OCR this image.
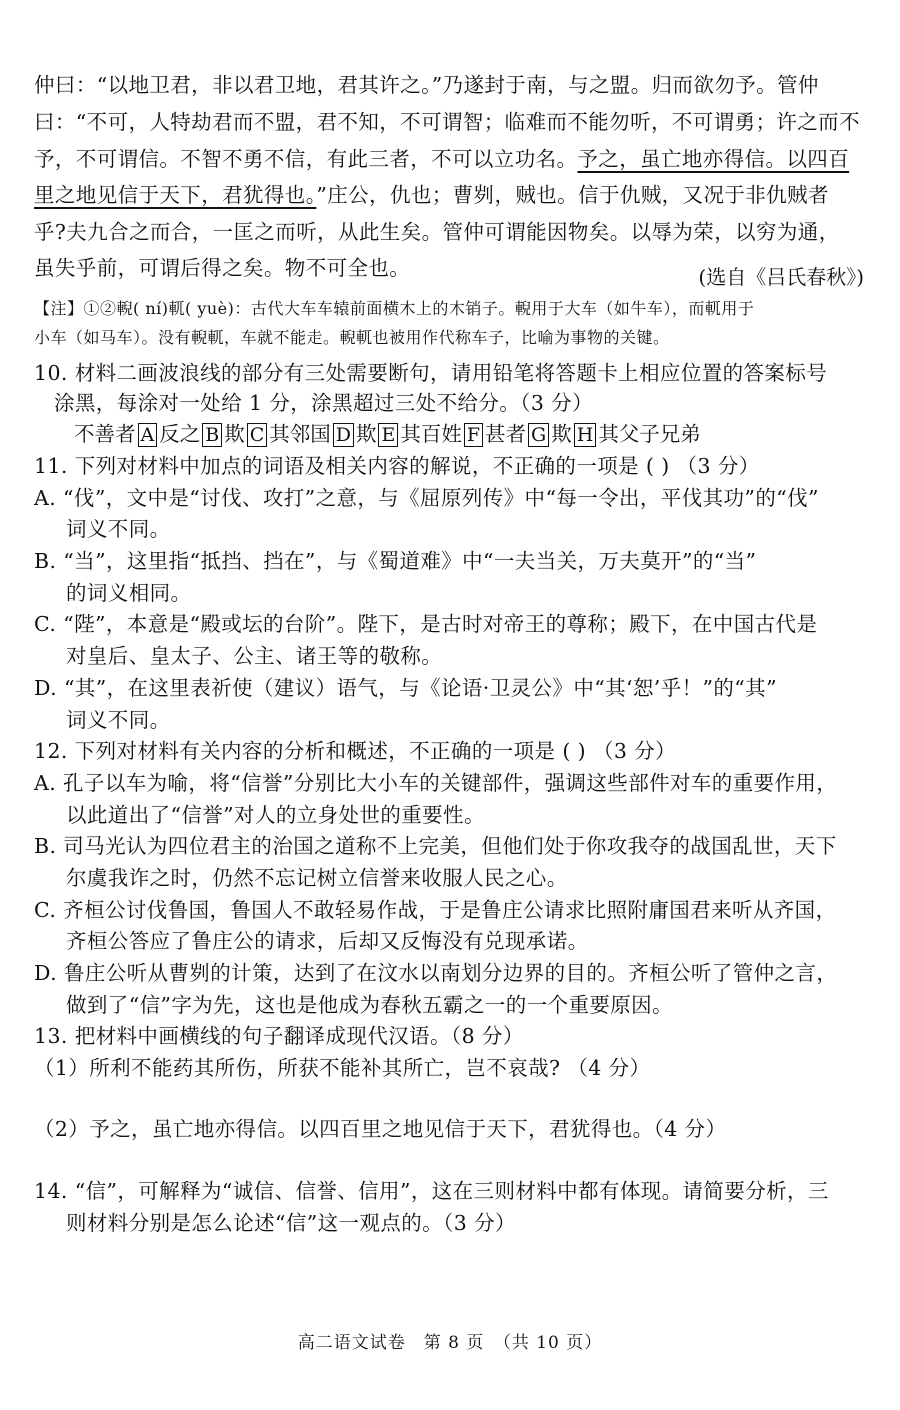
仲曰：“以地卫君，非以君卫地，君其许之。”乃遂封于南，与之盟。归而欲勿予。管仲
曰：“不可，人特劫君而不盟，君不知，不可谓智；临难而不能勿听，不可谓勇；许之而不
予，不可谓信。不智不勇不信，有此三者，不可以立功名。予之，虽亡地亦得信。以四百
里之地见信于天下，君犹得也。”庄公，仇也；曹刿，贼也。信于仇贼，又况于非仇贼者
乎?夫九合之而合，一匡之而听，从此生矣。管仲可谓能因物矣。以辱为荣，以穷为通，
虽失乎前，可谓后得之矣。物不可全也。	(选自《吕氏春秋》)
【注】①②輗( ní)軏( yuè)：古代大车车辕前面横木上的木销子。輗用于大车（如牛车），而軏用于
小车（如马车）。没有輗軏，车就不能走。輗軏也被用作代称车子，比喻为事物的关键。
10. 材料二画波浪线的部分有三处需要断句，请用铅笔将答题卡上相应位置的答案标号
涂黑，每涂对一处给 1 分，涂黑超过三处不给分。（3 分）
不善者 A 反之 B 欺 C 其邻国 D 欺 E 其百姓 F 甚者 G 欺 H 其父子兄弟
11. 下列对材料中加点的词语及相关内容的解说，不正确的一项是 ( ) （3 分）
A. “伐”，文中是“讨伐、攻打”之意，与《屈原列传》中“每一令出，平伐其功”的“伐”
词义不同。
B. “当”，这里指“抵挡、挡在”，与《蜀道难》中“一夫当关，万夫莫开”的“当”
的词义相同。
C. “陛”，本意是“殿或坛的台阶”。陛下，是古时对帝王的尊称；殿下，在中国古代是
对皇后、皇太子、公主、诸王等的敬称。
D. “其”，在这里表祈使（建议）语气，与《论语·卫灵公》中“其‘恕’乎！”的“其”
词义不同。
12. 下列对材料有关内容的分析和概述，不正确的一项是 ( ) （3 分）
A. 孔子以车为喻，将“信誉”分别比大小车的关键部件，强调这些部件对车的重要作用，
以此道出了“信誉”对人的立身处世的重要性。
B. 司马光认为四位君主的治国之道称不上完美，但他们处于你攻我夺的战国乱世，天下
尔虞我诈之时，仍然不忘记树立信誉来收服人民之心。
C. 齐桓公讨伐鲁国，鲁国人不敢轻易作战，于是鲁庄公请求比照附庸国君来听从齐国，
齐桓公答应了鲁庄公的请求，后却又反悔没有兑现承诺。
D. 鲁庄公听从曹刿的计策，达到了在汶水以南划分边界的目的。齐桓公听了管仲之言，
做到了“信”字为先，这也是他成为春秋五霸之一的一个重要原因。
13. 把材料中画横线的句子翻译成现代汉语。（8 分）
（1）所利不能药其所伤，所获不能补其所亡，岂不哀哉? （4 分）
（2）予之，虽亡地亦得信。以四百里之地见信于天下，君犹得也。（4 分）
14. “信”，可解释为“诚信、信誉、信用”，这在三则材料中都有体现。请简要分析，三
则材料分别是怎么论述“信”这一观点的。（3 分）
高二语文试卷　第 8 页　（共 10 页）
